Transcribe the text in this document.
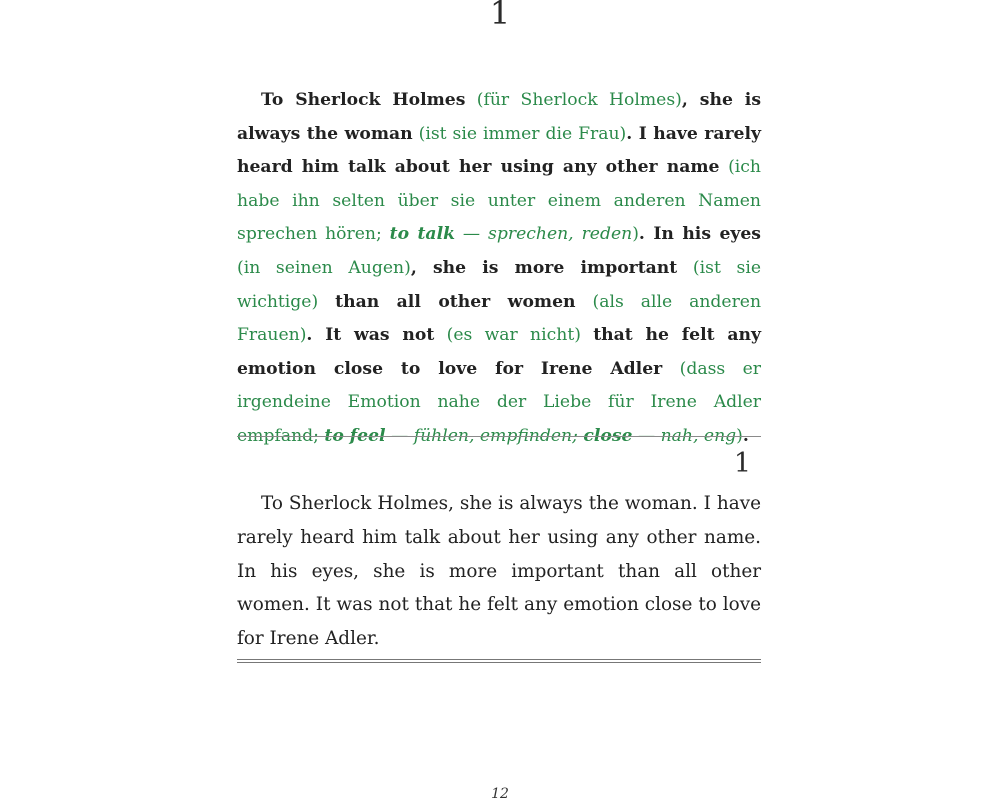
1

To Sherlock Holmes (für Sherlock Holmes), she is always the woman (ist sie immer die Frau). I have rarely heard him talk about her using any other name (ich habe ihn selten über sie unter einem anderen Namen sprechen hören; to talk — sprechen, reden). In his eyes (in seinen Augen), she is more important (ist sie wichtige) than all other women (als alle anderen Frauen). It was not (es war nicht) that he felt any emotion close to love for Irene Adler (dass er irgendeine Emotion nahe der Liebe für Irene Adler empfand; to feel — fühlen, empfinden; close — nah, eng).

1

To Sherlock Holmes, she is always the woman. I have rarely heard him talk about her using any other name. In his eyes, she is more important than all other women. It was not that he felt any emotion close to love for Irene Adler.

12
